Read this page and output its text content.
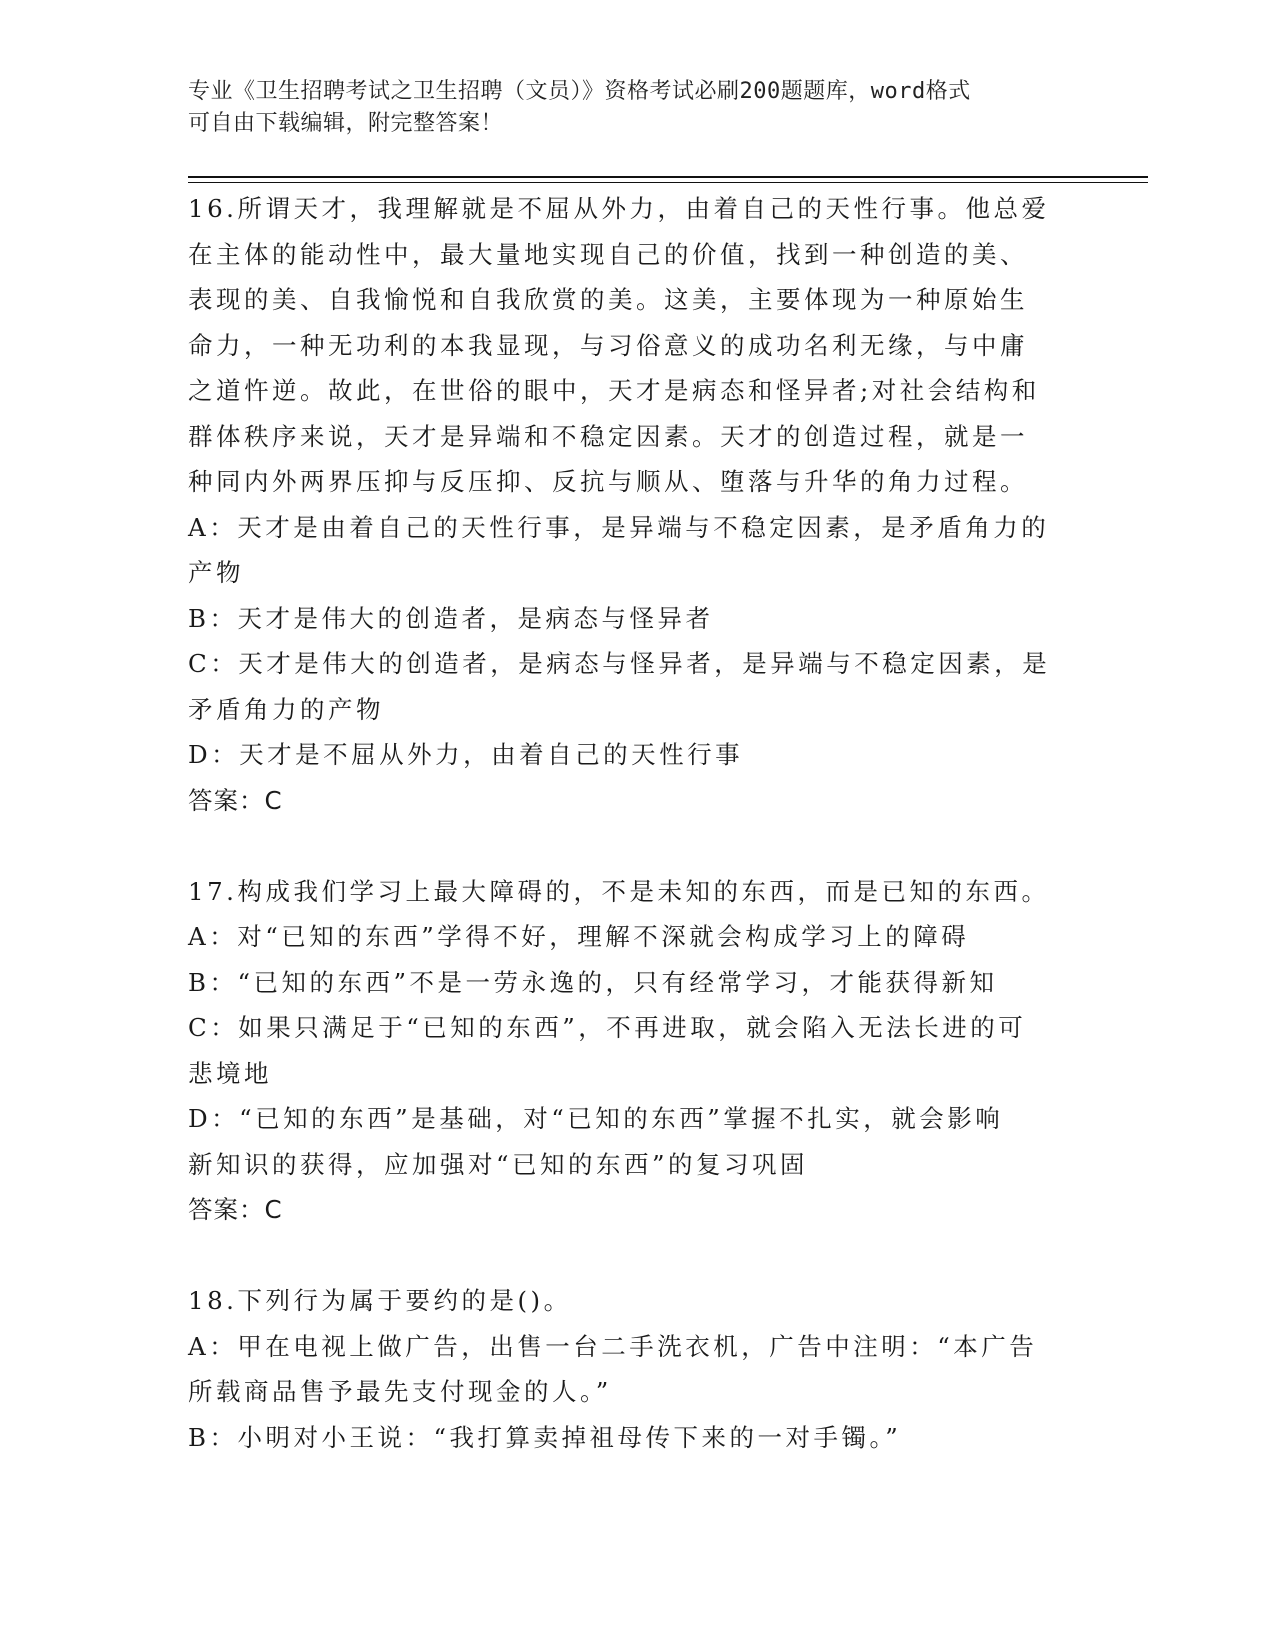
专业《卫生招聘考试之卫生招聘（文员）》资格考试必刷200题题库，word格式
可自由下载编辑，附完整答案！
16.所谓天才，我理解就是不屈从外力，由着自己的天性行事。他总爱
在主体的能动性中，最大量地实现自己的价值，找到一种创造的美、
表现的美、自我愉悦和自我欣赏的美。这美，主要体现为一种原始生
命力，一种无功利的本我显现，与习俗意义的成功名利无缘，与中庸
之道忤逆。故此，在世俗的眼中，天才是病态和怪异者;对社会结构和
群体秩序来说，天才是异端和不稳定因素。天才的创造过程，就是一
种同内外两界压抑与反压抑、反抗与顺从、堕落与升华的角力过程。
A：天才是由着自己的天性行事，是异端与不稳定因素，是矛盾角力的
产物
B：天才是伟大的创造者，是病态与怪异者
C：天才是伟大的创造者，是病态与怪异者，是异端与不稳定因素，是
矛盾角力的产物
D：天才是不屈从外力，由着自己的天性行事
答案：C
17.构成我们学习上最大障碍的，不是未知的东西，而是已知的东西。
A：对“已知的东西”学得不好，理解不深就会构成学习上的障碍
B：“已知的东西”不是一劳永逸的，只有经常学习，才能获得新知
C：如果只满足于“已知的东西”，不再进取，就会陷入无法长进的可
悲境地
D：“已知的东西”是基础，对“已知的东西”掌握不扎实，就会影响
新知识的获得，应加强对“已知的东西”的复习巩固
答案：C
18.下列行为属于要约的是()。
A：甲在电视上做广告，出售一台二手洗衣机，广告中注明：“本广告
所载商品售予最先支付现金的人。”
B：小明对小王说：“我打算卖掉祖母传下来的一对手镯。”
